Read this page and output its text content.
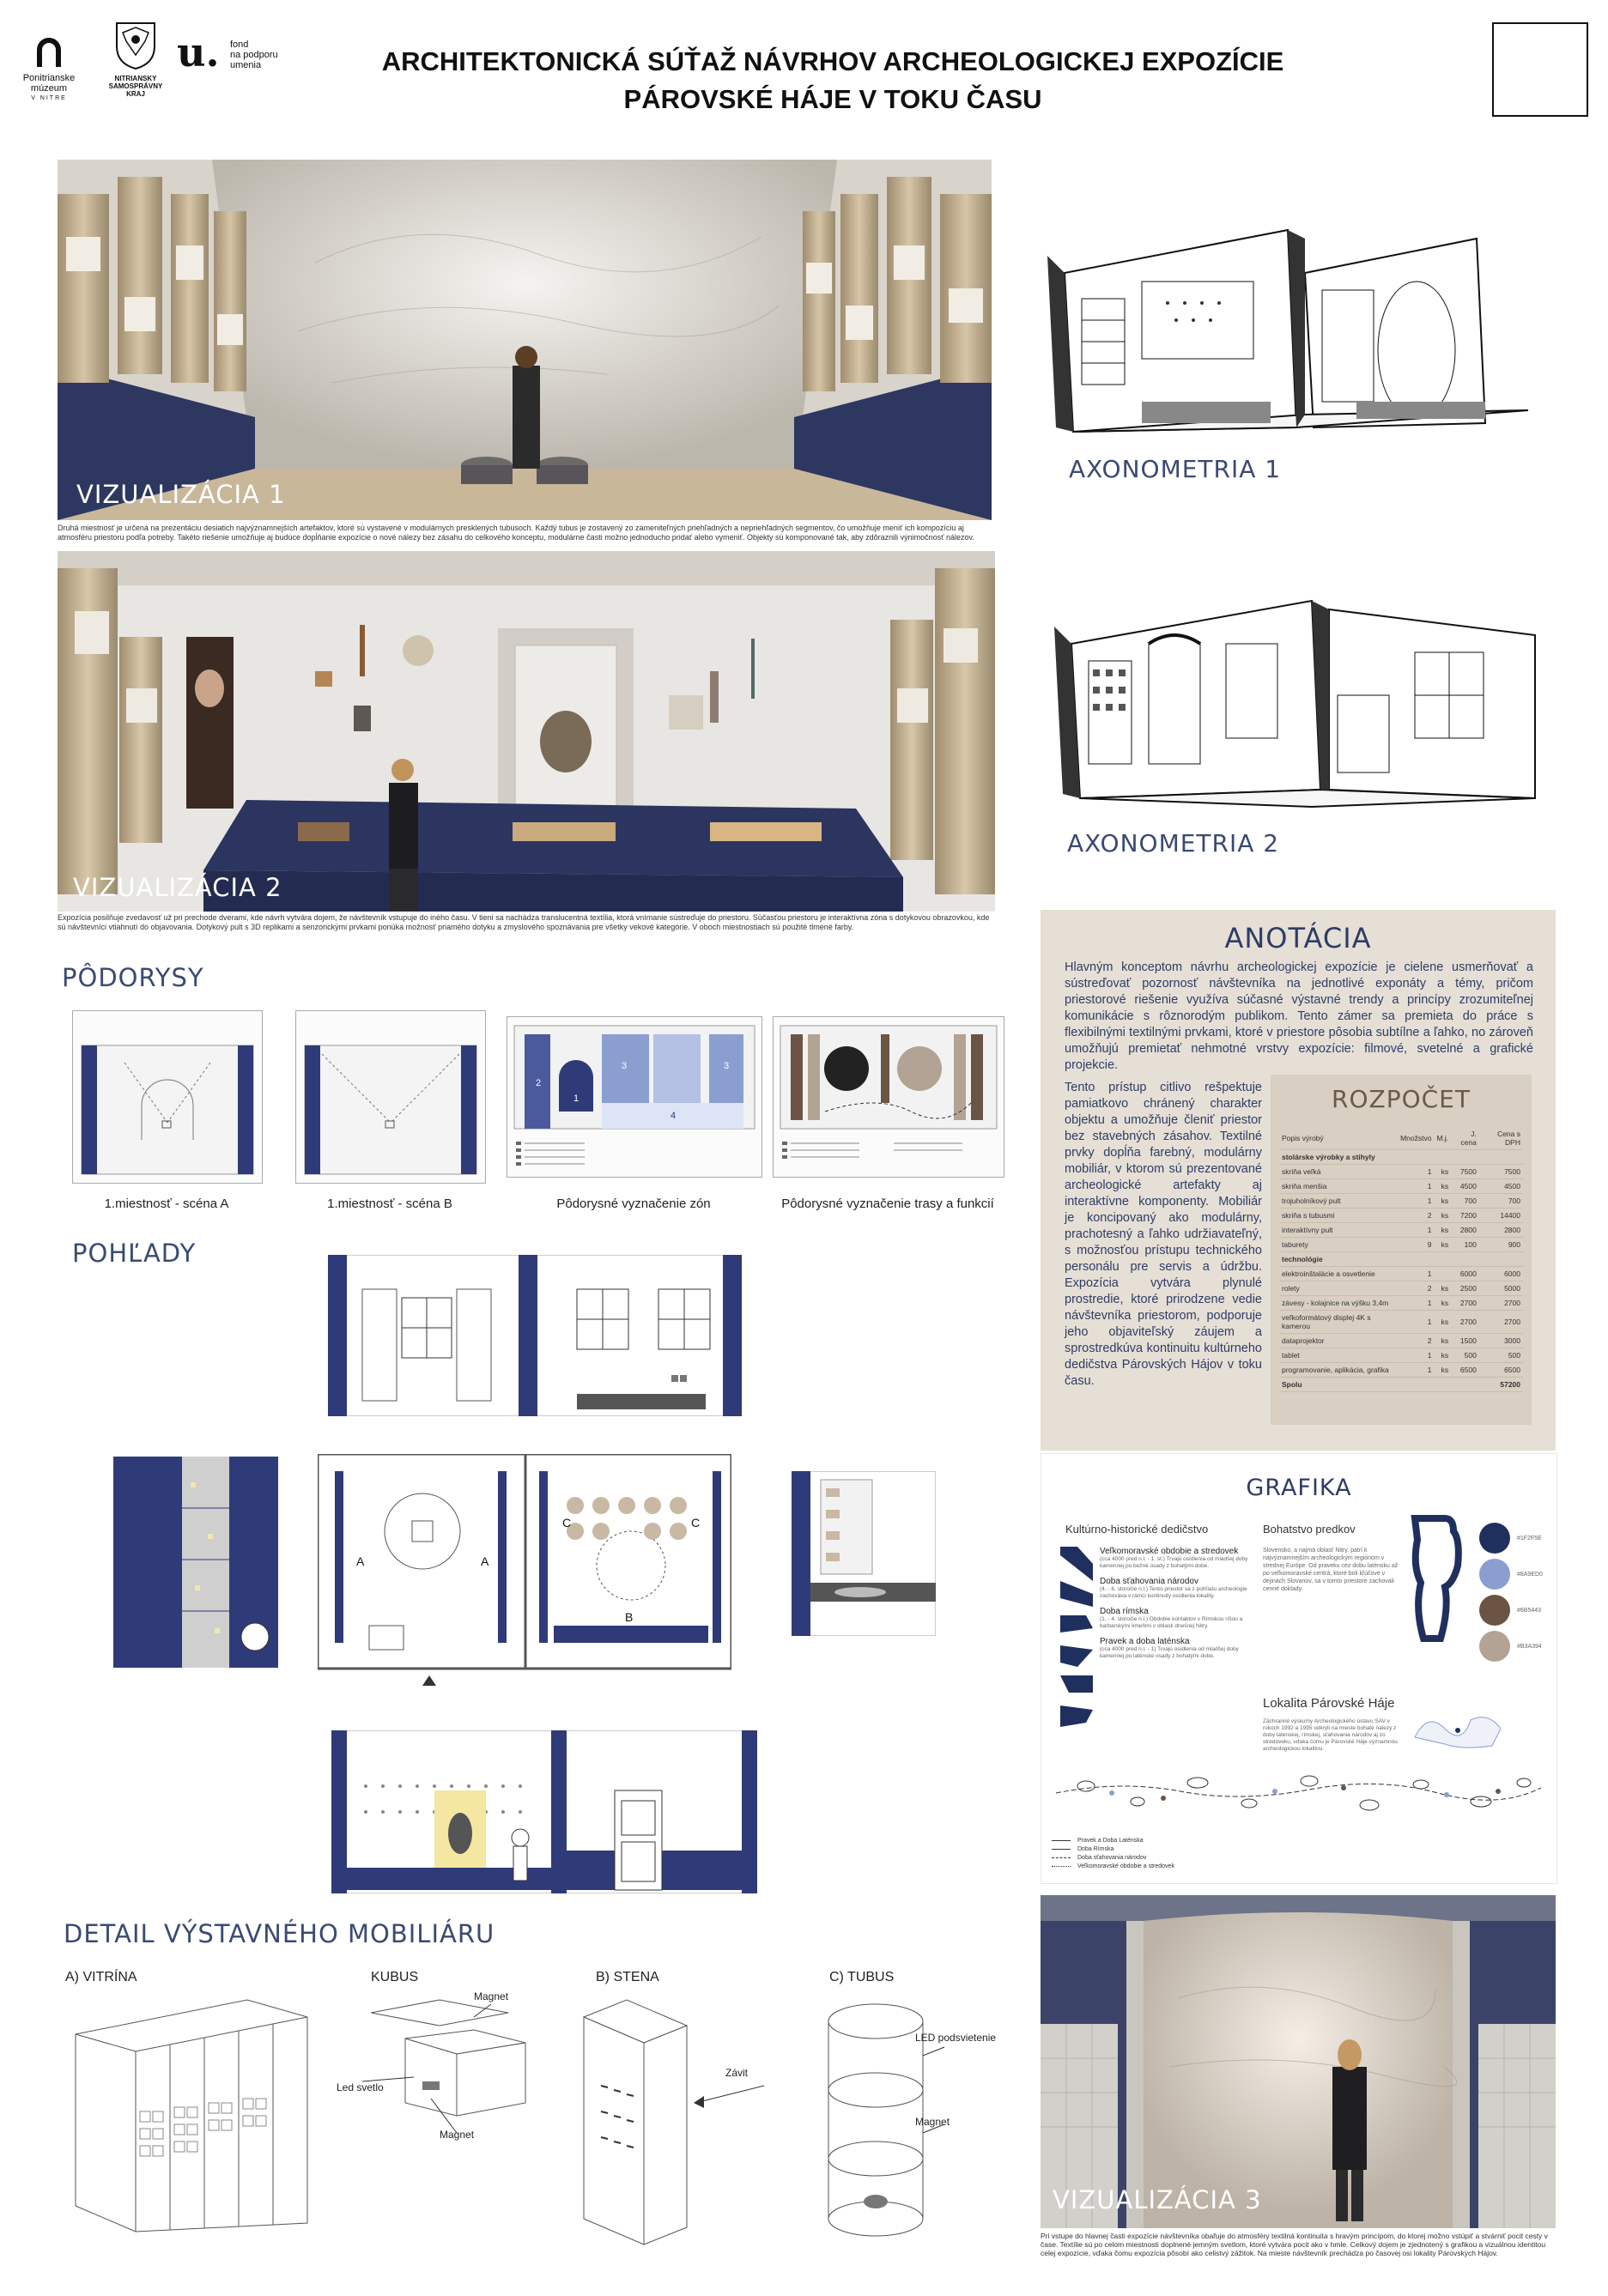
Ponitrianske
múzeum
V NITRE
NITRIANSKY
SAMOSPRÁVNY
KRAJ
u. fond
na podporu
umenia	ARCHITEKTONICKÁ SÚŤAŽ NÁVRHOV ARCHEOLOGICKEJ EXPOZÍCIE
PÁROVSKÉ HÁJE V TOKU ČASU
VIZUALIZÁCIA 1
Druhá miestnosť je určená na prezentáciu desiatich najvýznamnejších artefaktov, ktoré sú vystavené v modulárnych presklených tubusoch. Každý tubus je zostavený zo zameniteľných priehľadných a nepriehľadných segmentov, čo umožňuje meniť ich kompozíciu aj atmosféru priestoru podľa potreby. Takéto riešenie umožňuje aj budúce dopĺňanie expozície o nové nálezy bez zásahu do celkového konceptu, modulárne časti možno jednoducho pridať alebo vymeniť. Objekty sú komponované tak, aby zdôraznili výnimočnosť nálezov.
VIZUALIZÁCIA 2
Expozícia posilňuje zvedavosť už pri prechode dverami, kde návrh vytvára dojem, že návštevník vstupuje do iného času. V tieni sa nachádza translucentná textília, ktorá vnímanie sústreďuje do priestoru. Súčasťou priestoru je interaktívna zóna s dotykovou obrazovkou, kde sú návštevníci vtiahnutí do objavovania. Dotykový pult s 3D replikami a senzorickými prvkami ponúka možnosť priamého dotyku a zmyslového spoznávania pre všetky vekové kategórie. V oboch miestnostiach sú použité tlmené farby.
AXONOMETRIA 1
AXONOMETRIA 2
PÔDORYSY
1.miestnosť - scéna A	1.miestnosť - scéna B
2
1
3	3
4
Pôdorysné vyznačenie zón	Pôdorysné vyznačenie trasy a funkcií
POHĽADY
A	A
B
C	C
ANOTÁCIA
Hlavným konceptom návrhu archeologickej expozície je cielene usmerňovať a sústreďovať pozornosť návštevníka na jednotlivé exponáty a témy, pričom priestorové riešenie využíva súčasné výstavné trendy a princípy zrozumiteľnej komunikácie s rôznorodým publikom. Tento zámer sa premieta do práce s flexibilnými textilnými prvkami, ktoré v priestore pôsobia subtílne a ľahko, no zároveň umožňujú premietať nehmotné vrstvy expozície: filmové, svetelné a grafické projekcie.
Tento prístup citlivo rešpektuje pamiatkovo chránený charakter objektu a umožňuje členiť priestor bez stavebných zásahov. Textilné prvky dopĺňa farebný, modulárny mobiliár, v ktorom sú prezentované archeologické artefakty aj interaktívne komponenty. Mobiliár je koncipovaný ako modulárny, prachotesný a ľahko udržiavateľný, s možnosťou prístupu technického personálu pre servis a údržbu. Expozícia vytvára plynulé prostredie, ktoré prirodzene vedie návštevníka priestorom, podporuje jeho objaviteľský záujem a sprostredkúva kontinuitu kultúrneho dedičstva Párovských Hájov v toku času.
ROZPOČET
Popis výrobý	Množstvo	M.j.	J. cena	Cena s DPH
stolárske výrobky a stihyly				
skriňa veľká	1	ks	7500	7500
skriňa menšia	1	ks	4500	4500
trojuholníkový pult	1	ks	700	700
skriňa s tubusmi	2	ks	7200	14400
interaktívny pult	1	ks	2800	2800
taburety	9	ks	100	900
technológie				
elektroinštalácie a osvetlenie	1		6000	6000
rolety	2	ks	2500	5000
závesy - kolajnice na výšku 3,4m	1	ks	2700	2700
veľkoformátový displej 4K s kamerou	1	ks	2700	2700
dataprojektor	2	ks	1500	3000
tablet	1	ks	500	500
programovanie, aplikácia, grafika	1	ks	6500	6500
Spolu				57200
GRAFIKA
Kultúrno-historické dedičstvo	Bohatstvo predkov
Veľkomoravské obdobie a stredovek
(cca 4000 pred n.l. - 1. st.) Trvajú osídlenia od mladšej doby kamennej po bežné osady z bohatými dobe.
Doba sťahovania národov
(4. - 6. storočie n.l.) Tento priestor sa z pohľadu archeológie zachováva v rámci kontinuity osídlenia lokality.
Doba rímska
(1. - 4. storočie n.l.) Obdobie kontaktov s Rímskou ríšou a barbarskými kmeňmi v oblasti dnešnej Nitry.
Pravek a doba laténska
(cca 4000 pred n.l. - 1) Trvajú osídlenia od mladšej doby kamennej po laténske osady z bohatými dobe.
Slovensko, a najmä oblasť Nitry, patrí k najvýznamnejším archeologickým regiónom v strednej Európe. Od praveku cez dobu laténsku až po veľkomoravské centrá, ktoré boli kľúčové v dejinách Slovanov, sa v tomto priestore zachovali cenné doklady.
#1F2F5E
#8A9ED0
#6B5443
#B3A394
Lokalita Párovské Háje
Záchranné výskumy Archeologického ústavu SAV v rokoch 1992 a 1995 odkryli na mieste bohaté nálezy z doby laténskej, rímskej, sťahovania národov aj zo stredoveku, vďaka čomu je Párovské Háje významnou archeologickou lokalitou.
Pravek a Doba Laténska
Doba Rímska
Doba sťahovania národov
Veľkomoravské obdobie a stredovek
VIZUALIZÁCIA 3
Pri vstupe do hlavnej časti expozície návštevníka obaľuje do atmosféry textilná kontinuita s hravým princípom, do ktorej možno vstúpiť a stvárniť pocit cesty v čase. Textílie sú po celom miestnosti doplnené jemným svetlom, ktoré vytvára pocit ako v hmle. Celkový dojem je zjednotený s grafikou a vizuálnou identitou celej expozície, vďaka čomu expozícia pôsobí ako celistvý zážitok. Na mieste návštevník prechádza po časovej osi lokality Párovských Hájov.
DETAIL VÝSTAVNÉHO MOBILIÁRU
A) VITRÍNA	KUBUS	B) STENA	C) TUBUS
Magnet
Led svetlo
Magnet
Závit
LED podsvietenie
Magnet
